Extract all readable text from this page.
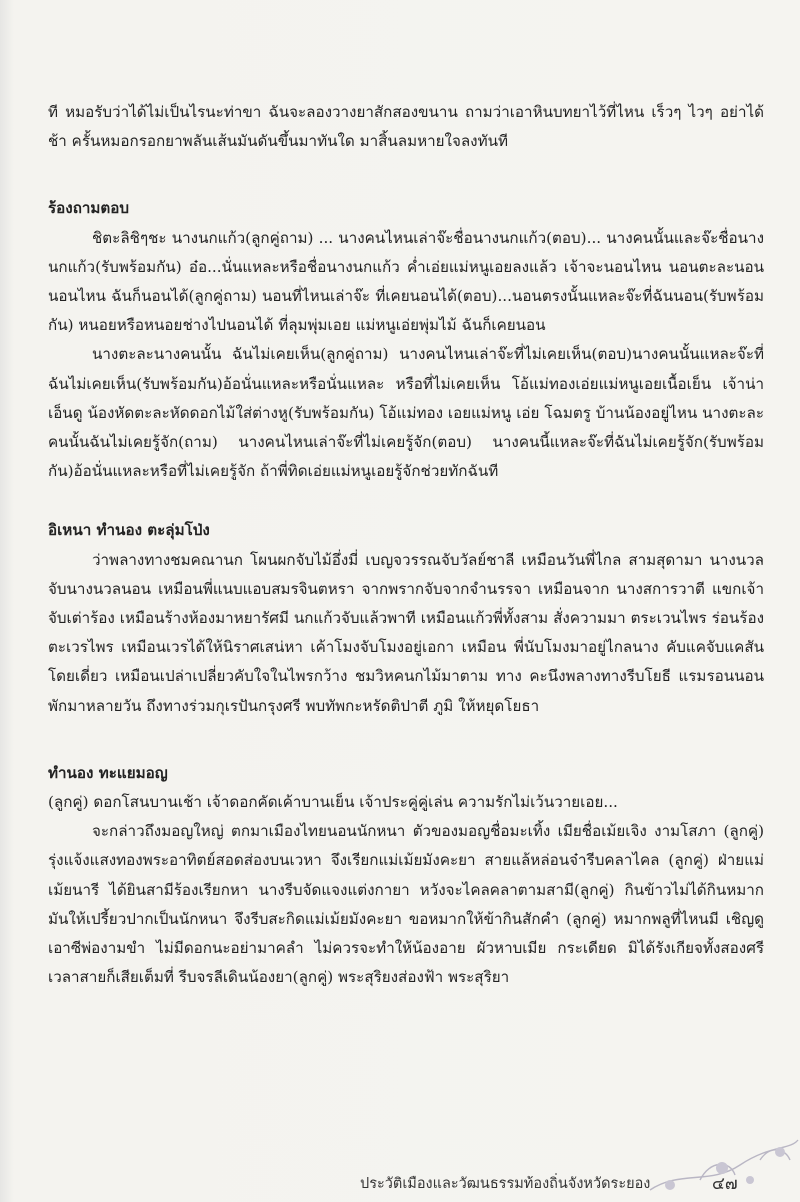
ที หมอรับว่าได้ไม่เป็นไรนะท่าขา ฉันจะลองวางยาสักสองขนาน ถามว่าเอาหินบทยาไว้ที่ไหน เร็วๆ ไวๆ อย่าได้ช้า ครั้นหมอกรอกยาพลันเส้นมันดันขึ้นมาทันใด มาสิ้นลมหายใจลงทันที

ร้องถามตอบ

ชิตะลิชิๆชะ นางนกแก้ว(ลูกคู่ถาม) ... นางคนไหนเล่าจ๊ะชื่อนางนกแก้ว(ตอบ)... นางคนนั้นและจ๊ะชื่อนางนกแก้ว(รับพร้อมกัน) อ๋อ...นั่นแหละหรือชื่อนางนกแก้ว ค่ำเอ่ยแม่หนูเอยลงแล้ว เจ้าจะนอนไหน นอนตะละนอน นอนไหน ฉันก็นอนได้(ลูกคู่ถาม) นอนที่ไหนเล่าจ๊ะ ที่เคยนอนได้(ตอบ)...นอนตรงนั้นแหละจ๊ะที่ฉันนอน(รับพร้อมกัน) หนอยหรือหนอยช่างไปนอนได้ ที่ลุมพุ่มเอย แม่หนูเอ่ยพุ่มไม้ ฉันก็เคยนอน

นางตะละนางคนนั้น ฉันไม่เคยเห็น(ลูกคู่ถาม) นางคนไหนเล่าจ๊ะที่ไม่เคยเห็น(ตอบ)นางคนนั้นแหละจ๊ะที่ฉันไม่เคยเห็น(รับพร้อมกัน)อ้อนั่นแหละหรือนั่นแหละ หรือที่ไม่เคยเห็น โอ้แม่ทองเอ่ยแม่หนูเอยเนื้อเย็น เจ้าน่าเอ็นดู น้องหัดตะละหัดดอกไม้ใส่ต่างหู(รับพร้อมกัน) โอ้แม่ทอง เอยแม่หนู เอ่ย โฉมตรู บ้านน้องอยู่ไหน นางตะละคนนั้นฉันไม่เคยรู้จัก(ถาม) นางคนไหนเล่าจ๊ะที่ไม่เคยรู้จัก(ตอบ) นางคนนี้แหละจ๊ะที่ฉันไม่เคยรู้จัก(รับพร้อมกัน)อ้อนั่นแหละหรือที่ไม่เคยรู้จัก ถ้าพี่ทิดเอ่ยแม่หนูเอยรู้จักช่วยทักฉันที

อิเหนา ทำนอง ตะลุ่มโป่ง

ว่าพลางทางชมคณานก โผนผกจับไม้อึ่งมี่ เบญจวรรณจับวัลย์ชาลี เหมือนวันพี่ไกล สามสุดามา นางนวลจับนางนวลนอน เหมือนพี่แนบแอบสมรจินตหรา จากพรากจับจากจำนรรจา เหมือนจาก นางสการวาตี แขกเจ้าจับเต่าร้อง เหมือนร้างห้องมาหยารัศมี นกแก้วจับแล้วพาที เหมือนแก้วพี่ทั้งสาม สั่งความมา ตระเวนไพร ร่อนร้องตะเวรไพร เหมือนเวรได้ให้นิราศเสน่หา เค้าโมงจับโมงอยู่เอกา เหมือน พี่นับโมงมาอยู่ไกลนาง คับแคจับแคสันโดยเดี่ยว เหมือนเปล่าเปลี่ยวคับใจในไพรกว้าง ชมวิหคนกไม้มาตาม ทาง คะนึงพลางทางรีบโยธี แรมรอนนอนพักมาหลายวัน ถึงทางร่วมกุเรปันกรุงศรี พบทัพกะหรัดติปาตี ภูมิ ให้หยุดโยธา

ทำนอง ทะแยมอญ

(ลูกคู่) ดอกโสนบานเช้า เจ้าดอกคัดเค้าบานเย็น เจ้าประคู่คู่เล่น ความรักไม่เว้นวายเอย...

จะกล่าวถึงมอญใหญ่ ตกมาเมืองไทยนอนนักหนา ตัวของมอญชื่อมะเทิ้ง เมียชื่อเม้ยเจิง งามโสภา (ลูกคู่) รุ่งแจ้งแสงทองพระอาทิตย์สอดส่องบนเวหา จึงเรียกแม่เม้ยมังคะยา สายแล้หล่อนจ๋ารีบคลาไคล (ลูกคู่) ฝ่ายแม่เม้ยนารี ได้ยินสามีร้องเรียกหา นางรีบจัดแจงแต่งกายา หวังจะไคลคลาตามสามี(ลูกคู่) กินข้าวไม่ได้กินหมาก มันให้เปรี้ยวปากเป็นนักหนา จึงรีบสะกิดแม่เม้ยมังคะยา ขอหมากให้ข้ากินสักคำ (ลูกคู่) หมากพลูที่ไหนมี เชิญดูเอาซีพ่องามขำ ไม่มีดอกนะอย่ามาคลำ ไม่ควรจะทำให้น้องอาย ผัวหาบเมีย กระเดียด มิได้รังเกียจทั้งสองศรี เวลาสายก็เสียเต็มที่ รีบจรลีเดินน้องยา(ลูกคู่) พระสุริยงส่องฟ้า พระสุริยา

ประวัติเมืองและวัฒนธรรมท้องถิ่นจังหวัดระยอง	๔๗
